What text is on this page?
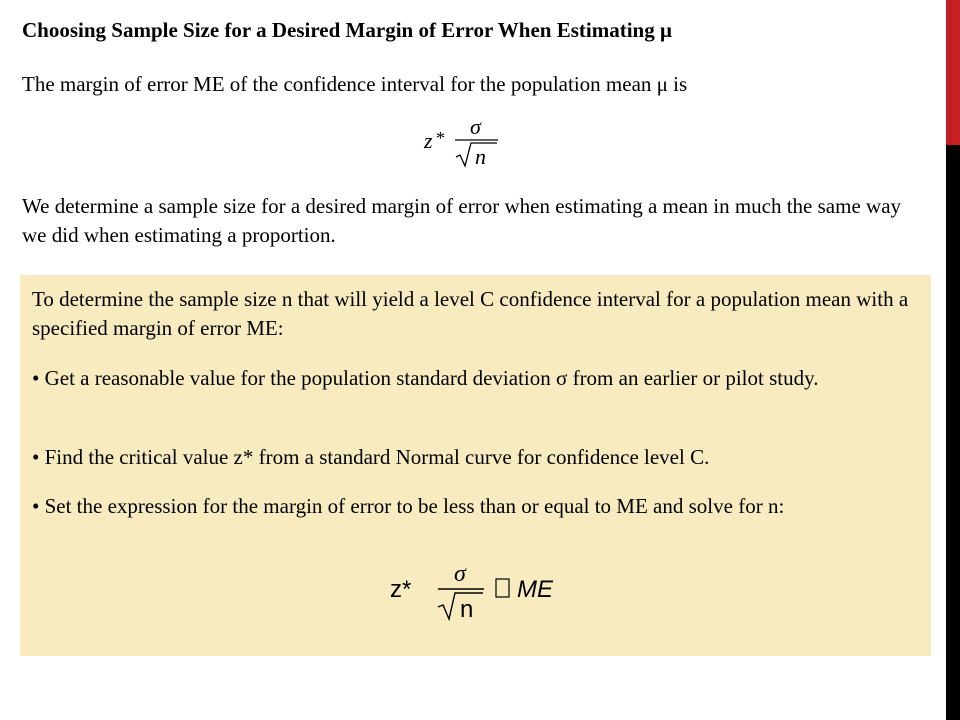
Choosing Sample Size for a Desired Margin of Error When Estimating μ
The margin of error ME of the confidence interval for the population mean μ is
z * σ
n
We determine a sample size for a desired margin of error when estimating a mean in much the same way we did when estimating a proportion.
To determine the sample size n that will yield a level C confidence interval for a population mean with a specified margin of error ME:
• Get a reasonable value for the population standard deviation σ from an earlier or pilot study.
• Find the critical value z* from a standard Normal curve for confidence level C.
• Set the expression for the margin of error to be less than or equal to ME and solve for n:
z*
σ
n
ME
